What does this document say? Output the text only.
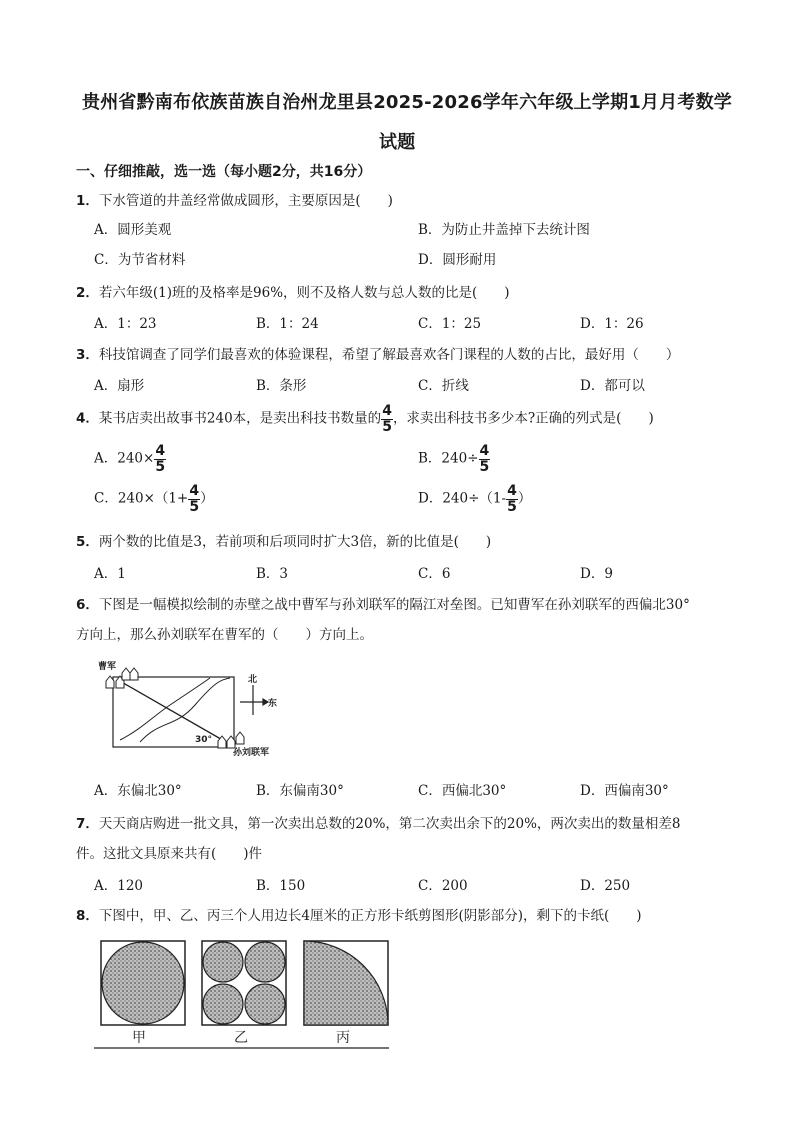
贵州省黔南布依族苗族自治州龙里县2025-2026学年六年级上学期1月月考数学
试题
一、仔细推敲，选一选（每小题2分，共16分）
1．下水管道的井盖经常做成圆形，主要原因是(　　)
A．圆形美观	B．为防止井盖掉下去统计图
C．为节省材料	D．圆形耐用
2．若六年级(1)班的及格率是96%，则不及格人数与总人数的比是(　　)
A．1：23	B．1：24	C．1：25	D．1：26
3．科技馆调查了同学们最喜欢的体验课程，希望了解最喜欢各门课程的人数的占比，最好用（　　）
A．扇形	B．条形	C．折线	D．都可以
4．某书店卖出故事书240本，是卖出科技书数量的 $\frac{4}{5}$ ，求卖出科技书多少本?正确的列式是(　　)
A．$240\times \frac{4}{5}$	B．$240\div \frac{4}{5}$
C．$240\times(1+ \frac{4}{5}$ ）	D．$240\div(1- \frac{4}{5}$ ）
5．两个数的比值是3，若前项和后项同时扩大3倍，新的比值是(　　)
A．1	B．3	C．6	D．9
6．下图是一幅模拟绘制的赤壁之战中曹军与孙刘联军的隔江对垒图。已知曹军在孙刘联军的西偏北30°
方向上，那么孙刘联军在曹军的（　　）方向上。
曹军
孙刘联军
30°
北
东
A．东偏北30°	B．东偏南30°	C．西偏北30°	D．西偏南30°
7．天天商店购进一批文具，第一次卖出总数的20%，第二次卖出余下的20%，两次卖出的数量相差8
件。这批文具原来共有(　　)件
A．120	B．150	C．200	D．250
8．下图中，甲、乙、丙三个人用边长4厘米的正方形卡纸剪图形(阴影部分)，剩下的卡纸(　　)
甲	乙	丙
